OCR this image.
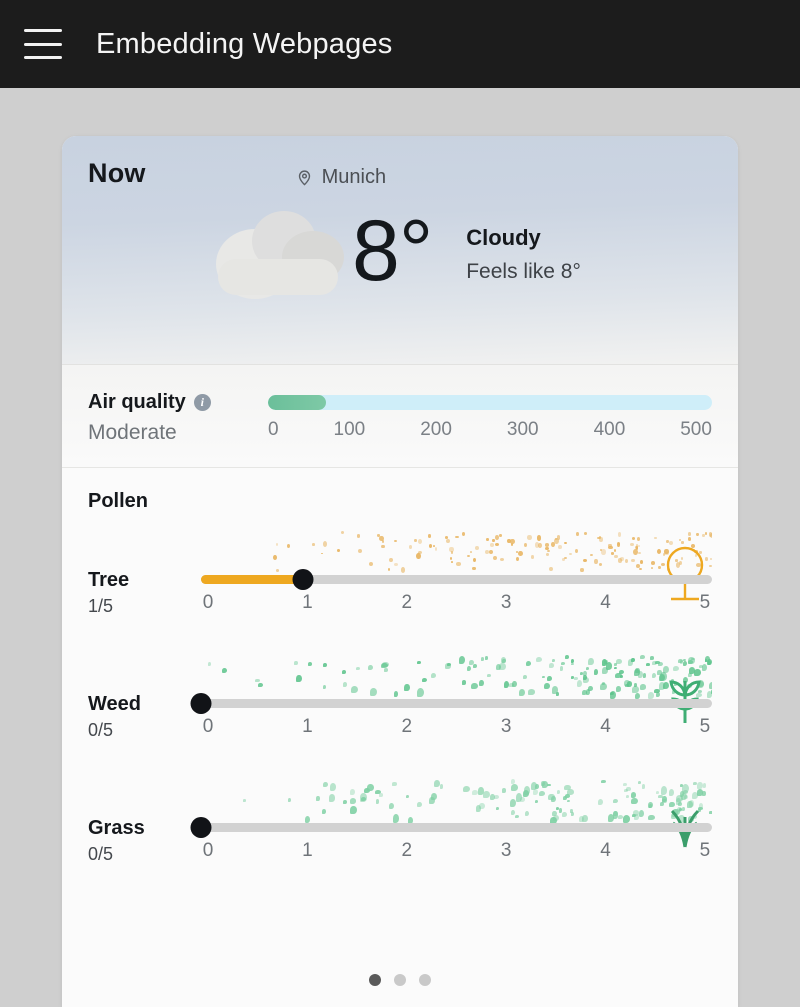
Embedding Webpages
Now	Munich
8° Cloudy
Feels like 8°
Air quality	i
Moderate	0	100	200	300	400	500
Pollen
Tree
1/5	0	1	2	3	4	5
Weed
0/5	0	1	2	3	4	5
Grass
0/5	0	1	2	3	4	5
